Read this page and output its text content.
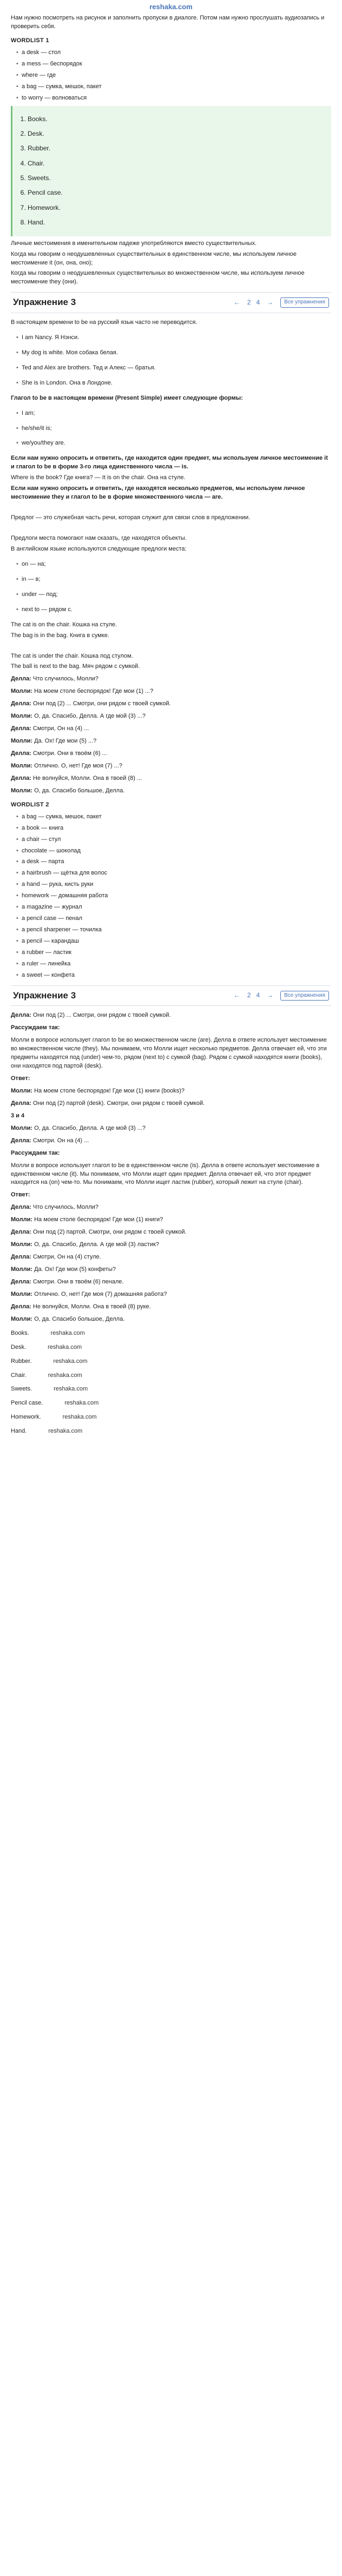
reshaka.com

Нам нужно посмотреть на рисунок и заполнить пропуски в диалоге. Потом нам нужно прослушать аудиозапись и проверить себя.

WORDLIST 1
• a desk — стол
• a mess — беспорядок
• where — где
• a bag — сумка, мешок, пакет
• to worry — волноваться
1. Books.
2. Desk.
3. Rubber.
4. Chair.
5. Sweets.
6. Pencil case.
7. Homework.
8. Hand.

Личные местоимения в именительном падеже употребляются вместо существительных.

Когда мы говорим о неодушевленных существительных в единственном числе, мы используем личное местоимение it (он, она, оно);

Когда мы говорим о неодушевленных существительных во множественном числе, мы используем личное местоимение they (они).

Упражнение 3	← 2 4 →	Все упражнения

В настоящем времени to be на русский язык часто не переводится.

• I am Nancy. Я Нэнси.
• My dog is white. Моя собака белая.
• Ted and Alex are brothers. Тед и Алекс — братья.
• She is in London. Она в Лондоне.

Глагол to be в настоящем времени (Present Simple) имеет следующие формы:

• I am;
• he/she/it is;
• we/you/they are.

Если нам нужно опросить и ответить, где находится один предмет, мы используем личное местоимение it и глагол to be в форме 3-го лица единственного числа — is.

Where is the book? Где книга? — It is on the chair. Она на стуле.

Если нам нужно опросить и ответить, где находятся несколько предметов, мы используем личное местоимение they и глагол to be в форме множественного числа — are.

Предлог — это служебная часть речи, которая служит для связи слов в предложении.

Предлоги места помогают нам сказать, где находятся объекты.

В английском языке используются следующие предлоги места:

• on — на;
• in — в;
• under — под;
• next to — рядом с.

The cat is on the chair. Кошка на стуле.

The bag is in the bag. Книга в сумке.

The cat is under the chair. Кошка под стулом.

The ball is next to the bag. Мяч рядом с сумкой.

Делла: Что случилось, Молли?

Молли: На моем столе беспорядок! Где мои (1) ...?

Делла: Они под (2) ... Смотри, они рядом с твоей сумкой.

Молли: О, да. Спасибо, Делла. А где мой (3) ...?

Делла: Смотри, Он на (4) ...

Молли: Да. Ох! Где мои (5) ...?

Делла: Смотри. Они в твоём (6) ...

Молли: Отлично. О, нет! Где моя (7) ...?

Делла: Не волнуйся, Молли. Она в твоей (8) ...

Молли: О, да. Спасибо большое, Делла.

WORDLIST 2
• a bag — сумка, мешок, пакет
• a book — книга
• a chair — стул
• chocolate — шоколад
• a desk — парта
• a hairbrush — щётка для волос
• a hand — рука, кисть руки
• homework — домашняя работа
• a magazine — журнал
• a pencil case — пенал
• a pencil sharpener — точилка
• a pencil — карандаш
• a rubber — ластик
• a ruler — линейка
• a sweet — конфета
Упражнение 3	← 2 4 →	Все упражнения

Делла: Они под (2) ... Смотри, они рядом с твоей сумкой.

Рассуждаем так:

Молли в вопросе использует глагол to be во множественном числе (are). Делла в ответе использует местоимение во множественном числе (they). Мы понимаем, что Молли ищет несколько предметов. Делла отвечает ей, что эти предметы находятся под (under) чем-то, рядом (next to) с сумкой (bag). Рядом с сумкой находятся книги (books), они находятся под партой (desk).

Ответ:

Молли: На моем столе беспорядок! Где мои (1) книги (books)?

Делла: Они под (2) партой (desk). Смотри, они рядом с твоей сумкой.

3 и 4

Молли: О, да. Спасибо, Делла. А где мой (3) ...?

Делла: Смотри. Он на (4) ...

Рассуждаем так:

Молли в вопросе использует глагол to be в единственном числе (is). Делла в ответе использует местоимение в единственном числе (it). Мы понимаем, что Молли ищет один предмет. Делла отвечает ей, что этот предмет находится на (on) чем-то. Мы понимаем, что Молли ищет ластик (rubber), который лежит на стуле (chair).

Ответ:

Делла: Что случилось, Молли?

Молли: На моем столе беспорядок! Где мои (1) книги?

Делла: Они под (2) партой. Смотри, они рядом с твоей сумкой.

Молли: О, да. Спасибо, Делла. А где мой (3) ластик?

Делла: Смотри, Он на (4) стуле.

Молли: Да. Ох! Где мои (5) конфеты?

Делла: Смотри. Они в твоём (6) пенале.

Молли: Отлично. О, нет! Где моя (7) домашняя работа?

Делла: Не волнуйся, Молли. Она в твоей (8) руке.

Молли: О, да. Спасибо большое, Делла.

Books.	reshaka.com

Desk.	reshaka.com

Rubber.	reshaka.com

Chair.	reshaka.com

Sweets.	reshaka.com

Pencil case.	reshaka.com

Homework.	reshaka.com

Hand.	reshaka.com
